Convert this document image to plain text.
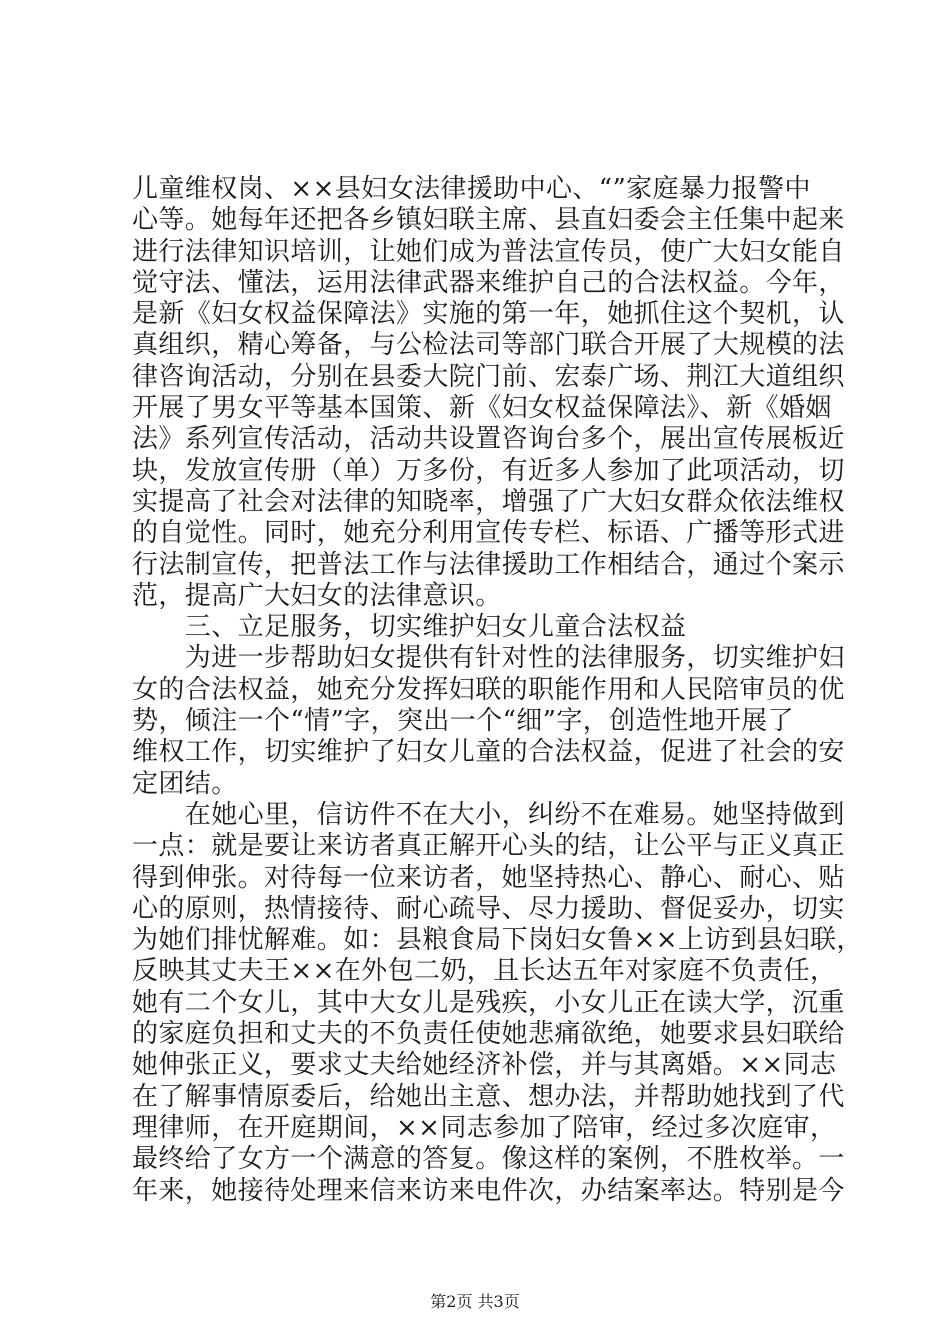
儿童维权岗、××县妇女法律援助中心、“”家庭暴力报警中
心等。她每年还把各乡镇妇联主席、县直妇委会主任集中起来
进行法律知识培训，让她们成为普法宣传员，使广大妇女能自
觉守法、懂法，运用法律武器来维护自己的合法权益。今年，
是新《妇女权益保障法》实施的第一年，她抓住这个契机，认
真组织，精心筹备，与公检法司等部门联合开展了大规模的法
律咨询活动，分别在县委大院门前、宏泰广场、荆江大道组织
开展了男女平等基本国策、新《妇女权益保障法》、新《婚姻
法》系列宣传活动，活动共设置咨询台多个，展出宣传展板近
块，发放宣传册（单）万多份，有近多人参加了此项活动，切
实提高了社会对法律的知晓率，增强了广大妇女群众依法维权
的自觉性。同时，她充分利用宣传专栏、标语、广播等形式进
行法制宣传，把普法工作与法律援助工作相结合，通过个案示
范，提高广大妇女的法律意识。
　　三、立足服务，切实维护妇女儿童合法权益
　　为进一步帮助妇女提供有针对性的法律服务，切实维护妇
女的合法权益，她充分发挥妇联的职能作用和人民陪审员的优
势，倾注一个“情”字，突出一个“细”字，创造性地开展了
维权工作，切实维护了妇女儿童的合法权益，促进了社会的安
定团结。
　　在她心里，信访件不在大小，纠纷不在难易。她坚持做到
一点：就是要让来访者真正解开心头的结，让公平与正义真正
得到伸张。对待每一位来访者，她坚持热心、静心、耐心、贴
心的原则，热情接待、耐心疏导、尽力援助、督促妥办，切实
为她们排忧解难。如：县粮食局下岗妇女鲁××上访到县妇联，
反映其丈夫王××在外包二奶，且长达五年对家庭不负责任，
她有二个女儿，其中大女儿是残疾，小女儿正在读大学，沉重
的家庭负担和丈夫的不负责任使她悲痛欲绝，她要求县妇联给
她伸张正义，要求丈夫给她经济补偿，并与其离婚。××同志
在了解事情原委后，给她出主意、想办法，并帮助她找到了代
理律师，在开庭期间，××同志参加了陪审，经过多次庭审，
最终给了女方一个满意的答复。像这样的案例，不胜枚举。一
年来，她接待处理来信来访来电件次，办结案率达。特别是今
第2页 共3页
